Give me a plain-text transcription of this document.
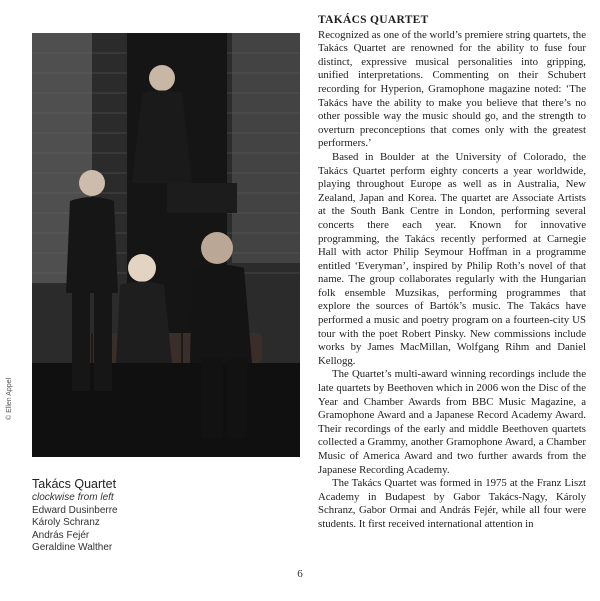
© Ellen Appel
Takács Quartet
clockwise from left
Edward Dusinberre
Károly Schranz
András Fejér
Geraldine Walther
TAKÁCS QUARTET

Recognized as one of the world’s premiere string quartets, the Takács Quartet are renowned for the ability to fuse four distinct, expressive musical personalities into gripping, unified interpretations. Commenting on their Schubert recording for Hyperion, Gramophone magazine noted: ‘The Takács have the ability to make you believe that there’s no other possible way the music should go, and the strength to overturn preconceptions that comes only with the greatest performers.’

Based in Boulder at the University of Colorado, the Takács Quartet perform eighty concerts a year worldwide, playing throughout Europe as well as in Australia, New Zealand, Japan and Korea. The quartet are Associate Artists at the South Bank Centre in London, performing several concerts there each year. Known for innovative programming, the Takács recently performed at Carnegie Hall with actor Philip Seymour Hoffman in a programme entitled ‘Everyman’, inspired by Philip Roth’s novel of that name. The group collaborates regularly with the Hungarian folk ensemble Muzsikas, performing programmes that explore the sources of Bartók’s music. The Takács have performed a music and poetry program on a fourteen-city US tour with the poet Robert Pinsky. New commissions include works by James MacMillan, Wolfgang Rihm and Daniel Kellogg.

The Quartet’s multi-award winning recordings include the late quartets by Beethoven which in 2006 won the Disc of the Year and Chamber Awards from BBC Music Magazine, a Gramophone Award and a Japanese Record Academy Award. Their recordings of the early and middle Beethoven quartets collected a Grammy, another Gramophone Award, a Chamber Music of America Award and two further awards from the Japanese Recording Academy.

The Takács Quartet was formed in 1975 at the Franz Liszt Academy in Budapest by Gabor Takács-Nagy, Károly Schranz, Gabor Ormai and András Fejér, while all four were students. It first received international attention in

6
